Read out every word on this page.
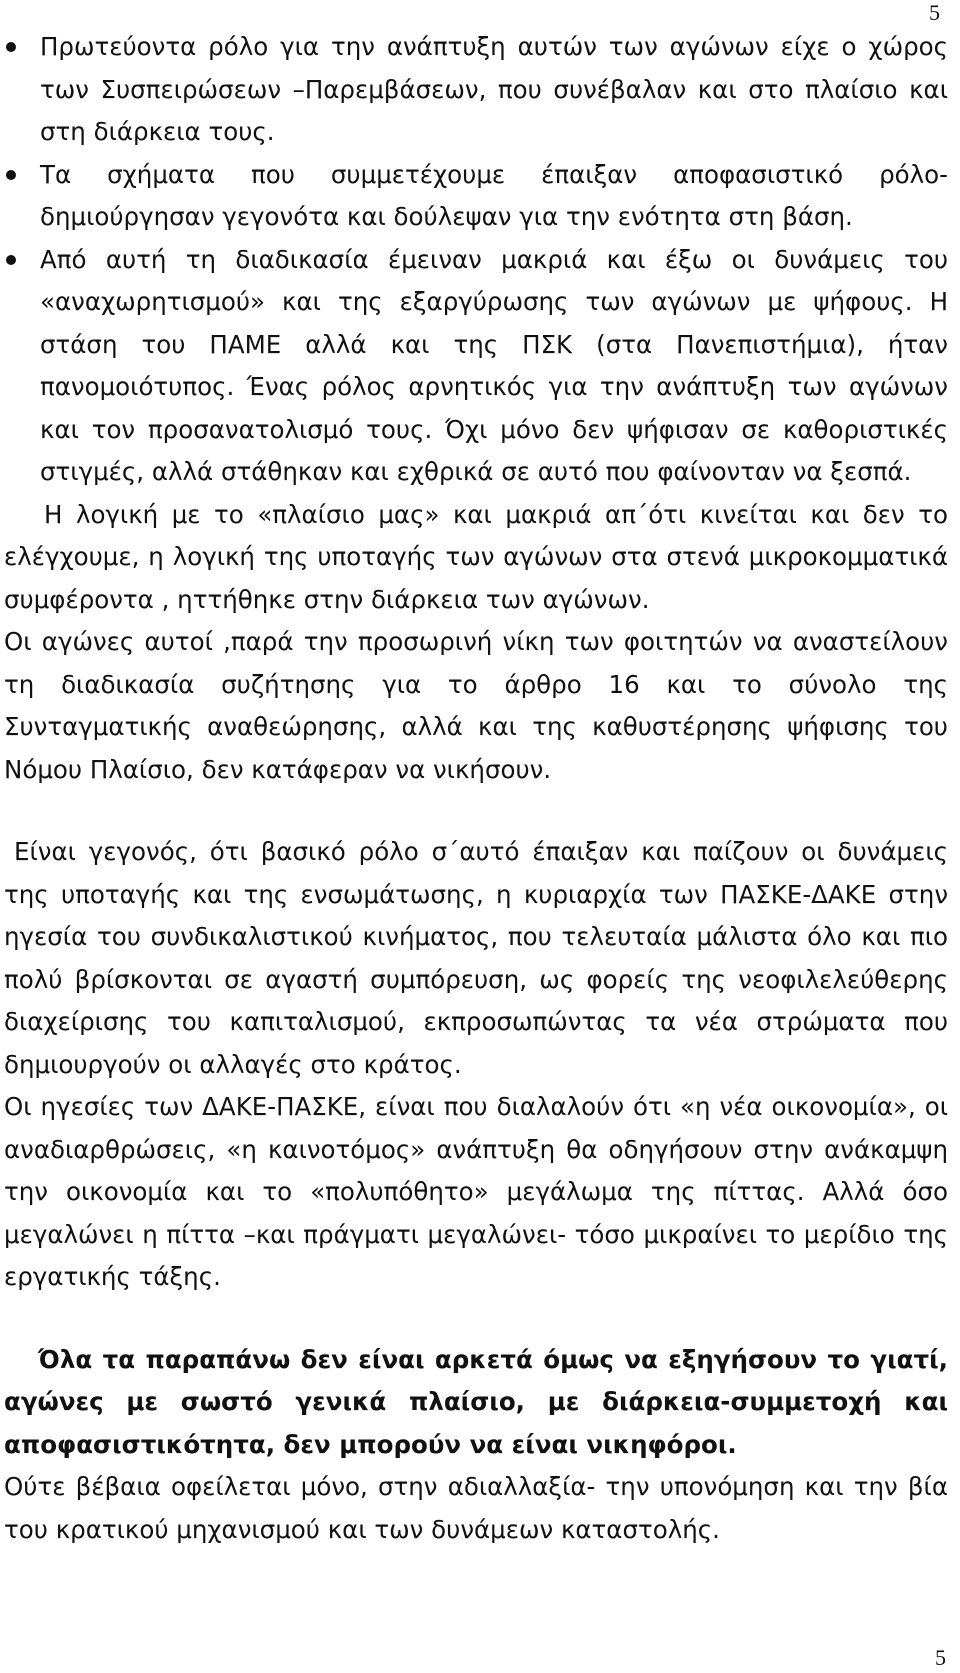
5
Πρωτεύοντα ρόλο για την ανάπτυξη αυτών των αγώνων είχε ο χώρος των Συσπειρώσεων –Παρεμβάσεων, που συνέβαλαν και στο πλαίσιο και στη διάρκεια τους.
Τα σχήματα που συμμετέχουμε έπαιξαν αποφασιστικό ρόλο- δημιούργησαν γεγονότα και δούλεψαν για την ενότητα στη βάση.
Από αυτή τη διαδικασία έμειναν μακριά και έξω οι δυνάμεις του «αναχωρητισμού» και της εξαργύρωσης των αγώνων με ψήφους. Η στάση του ΠΑΜΕ αλλά και της ΠΣΚ (στα Πανεπιστήμια), ήταν πανομοιότυπος. Ένας ρόλος αρνητικός για την ανάπτυξη των αγώνων και τον προσανατολισμό τους. Όχι μόνο δεν ψήφισαν σε καθοριστικές στιγμές, αλλά στάθηκαν και εχθρικά σε αυτό που φαίνονταν να ξεσπά.

Η λογική με το «πλαίσιο μας» και μακριά απ΄ότι κινείται και δεν το ελέγχουμε, η λογική της υποταγής των αγώνων στα στενά μικροκομματικά συμφέροντα , ηττήθηκε στην διάρκεια των αγώνων.

Οι αγώνες αυτοί ,παρά την προσωρινή νίκη των φοιτητών να αναστείλουν τη διαδικασία συζήτησης για το άρθρο 16 και το σύνολο της Συνταγματικής αναθεώρησης, αλλά και της καθυστέρησης ψήφισης του Νόμου Πλαίσιο, δεν κατάφεραν να νικήσουν.

Είναι γεγονός, ότι βασικό ρόλο σ΄αυτό έπαιξαν και παίζουν οι δυνάμεις της υποταγής και της ενσωμάτωσης, η κυριαρχία των ΠΑΣΚΕ-ΔΑΚΕ στην ηγεσία του συνδικαλιστικού κινήματος, που τελευταία μάλιστα όλο και πιο πολύ βρίσκονται σε αγαστή συμπόρευση, ως φορείς της νεοφιλελεύθερης διαχείρισης του καπιταλισμού, εκπροσωπώντας τα νέα στρώματα που δημιουργούν οι αλλαγές στο κράτος.

Οι ηγεσίες των ΔΑΚΕ-ΠΑΣΚΕ, είναι που διαλαλούν ότι «η νέα οικονομία», οι αναδιαρθρώσεις, «η καινοτόμος» ανάπτυξη θα οδηγήσουν στην ανάκαμψη την οικονομία και το «πολυπόθητο» μεγάλωμα της πίττας. Αλλά όσο μεγαλώνει η πίττα –και πράγματι μεγαλώνει- τόσο μικραίνει το μερίδιο της εργατικής τάξης.

Όλα τα παραπάνω δεν είναι αρκετά όμως να εξηγήσουν το γιατί, αγώνες με σωστό γενικά πλαίσιο, με διάρκεια-συμμετοχή και αποφασιστικότητα, δεν μπορούν να είναι νικηφόροι.

Ούτε βέβαια οφείλεται μόνο, στην αδιαλλαξία- την υπονόμηση και την βία του κρατικού μηχανισμού και των δυνάμεων καταστολής.

5
